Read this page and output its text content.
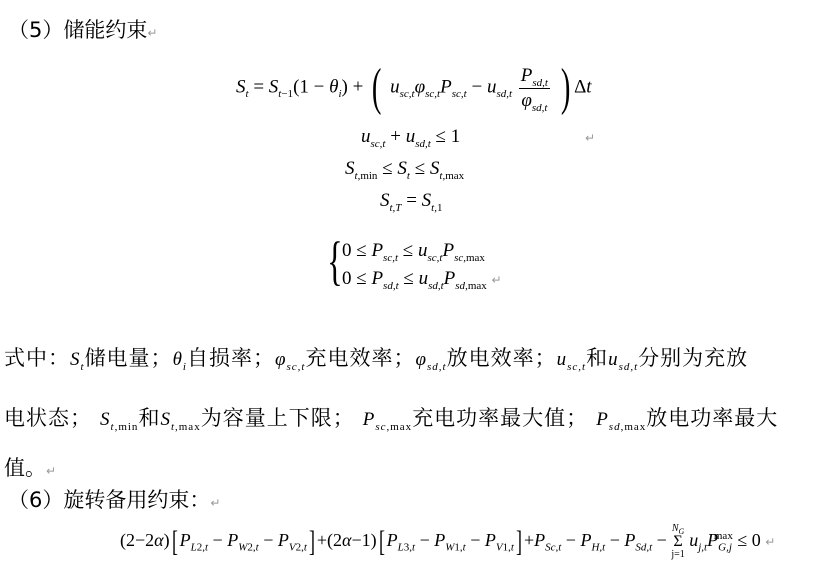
（5）储能约束↵
$S_t = S_{t-1}(1 - \theta_i)$ + ( $u_{sc,t}\varphi_{sc,t}P_{sc,t} - u_{sd,t} \frac{P_{sd,t}}{\varphi_{sd,t}}$ ) Δt
$u_{sc,t} + u_{sd,t} \le 1$	↵
$S_{t,min} \le S_t \le S_{t,max}$
$S_{t,T} = S_{t,1}$
{ $0 \le P_{sc,t} \le u_{sc,t}P_{sc,max}$
$0 \le P_{sd,t} \le u_{sd,t}P_{sd,max}$ ↵
式中：$S_t$储电量；$\theta_i$自损率；$\varphi_{sc,t}$充电效率；$\varphi_{sd,t}$放电效率；$u_{sc,t}$和$u_{sd,t}$分别为充放
电状态； $S_{t,min}$和$S_{t,max}$为容量上下限； $P_{sc,max}$充电功率最大值； $P_{sd,max}$放电功率最大
值。↵
（6）旋转备用约束：↵
(2−2α)[ $P_{L2,t} - P_{W2,t} - P_{V2,t}] +(2\alpha-1)$[ $P_{L3,t} - P_{W1,t} - P_{V1,t}] +P_{Sc,t} - P_{H,t} - P_{Sd,t}$ −
$N_G$
Σ
j=1
$u_{j,t}P_{G,j}^{max} \le 0$ ↵
